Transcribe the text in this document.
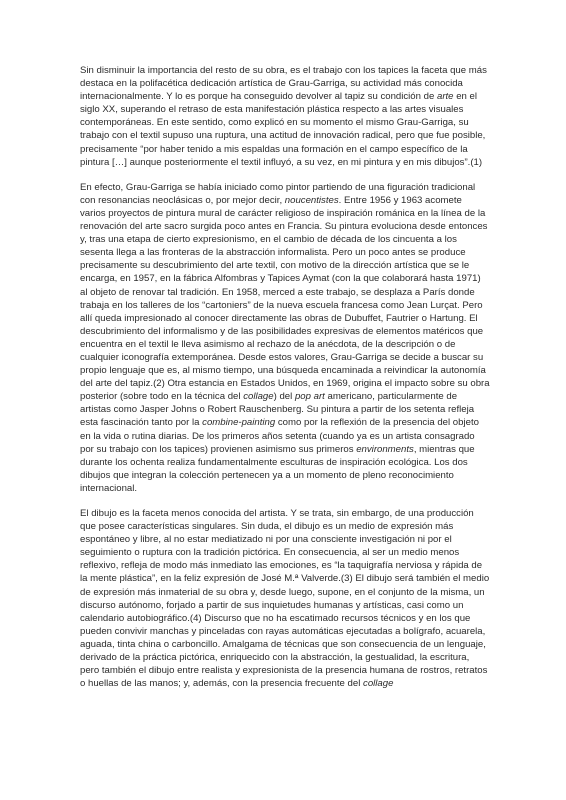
Sin disminuir la importancia del resto de su obra, es el trabajo con los tapices la faceta que más destaca en la polifacética dedicación artística de Grau-Garriga, su actividad más conocida internacionalmente. Y lo es porque ha conseguido devolver al tapiz su condición de arte en el siglo XX, superando el retraso de esta manifestación plástica respecto a las artes visuales contemporáneas. En este sentido, como explicó en su momento el mismo Grau-Garriga, su trabajo con el textil supuso una ruptura, una actitud de innovación radical, pero que fue posible, precisamente “por haber tenido a mis espaldas una formación en el campo específico de la pintura […] aunque posteriormente el textil influyó, a su vez, en mi pintura y en mis dibujos”.(1)

En efecto, Grau-Garriga se había iniciado como pintor partiendo de una figuración tradicional con resonancias neoclásicas o, por mejor decir, noucentistes. Entre 1956 y 1963 acomete varios proyectos de pintura mural de carácter religioso de inspiración románica en la línea de la renovación del arte sacro surgida poco antes en Francia. Su pintura evoluciona desde entonces y, tras una etapa de cierto expresionismo, en el cambio de década de los cincuenta a los sesenta llega a las fronteras de la abstracción informalista. Pero un poco antes se produce precisamente su descubrimiento del arte textil, con motivo de la dirección artística que se le encarga, en 1957, en la fábrica Alfombras y Tapices Aymat (con la que colaborará hasta 1971) al objeto de renovar tal tradición. En 1958, merced a este trabajo, se desplaza a París donde trabaja en los talleres de los “cartoniers” de la nueva escuela francesa como Jean Lurçat. Pero allí queda impresionado al conocer directamente las obras de Dubuffet, Fautrier o Hartung. El descubrimiento del informalismo y de las posibilidades expresivas de elementos matéricos que encuentra en el textil le lleva asimismo al rechazo de la anécdota, de la descripción o de cualquier iconografía extemporánea. Desde estos valores, Grau-Garriga se decide a buscar su propio lenguaje que es, al mismo tiempo, una búsqueda encaminada a reivindicar la autonomía del arte del tapiz.(2) Otra estancia en Estados Unidos, en 1969, origina el impacto sobre su obra posterior (sobre todo en la técnica del collage) del pop art americano, particularmente de artistas como Jasper Johns o Robert Rauschenberg. Su pintura a partir de los setenta refleja esta fascinación tanto por la combine-painting como por la reflexión de la presencia del objeto en la vida o rutina diarias. De los primeros años setenta (cuando ya es un artista consagrado por su trabajo con los tapices) provienen asimismo sus primeros environments, mientras que durante los ochenta realiza fundamentalmente esculturas de inspiración ecológica. Los dos dibujos que integran la colección pertenecen ya a un momento de pleno reconocimiento internacional.

El dibujo es la faceta menos conocida del artista. Y se trata, sin embargo, de una producción que posee características singulares. Sin duda, el dibujo es un medio de expresión más espontáneo y libre, al no estar mediatizado ni por una consciente investigación ni por el seguimiento o ruptura con la tradición pictórica. En consecuencia, al ser un medio menos reflexivo, refleja de modo más inmediato las emociones, es “la taquigrafía nerviosa y rápida de la mente plástica”, en la feliz expresión de José M.ª Valverde.(3) El dibujo será también el medio de expresión más inmaterial de su obra y, desde luego, supone, en el conjunto de la misma, un discurso autónomo, forjado a partir de sus inquietudes humanas y artísticas, casi como un calendario autobiográfico.(4) Discurso que no ha escatimado recursos técnicos y en los que pueden convivir manchas y pinceladas con rayas automáticas ejecutadas a bolígrafo, acuarela, aguada, tinta china o carboncillo. Amalgama de técnicas que son consecuencia de un lenguaje, derivado de la práctica pictórica, enriquecido con la abstracción, la gestualidad, la escritura, pero también el dibujo entre realista y expresionista de la presencia humana de rostros, retratos o huellas de las manos; y, además, con la presencia frecuente del collage
